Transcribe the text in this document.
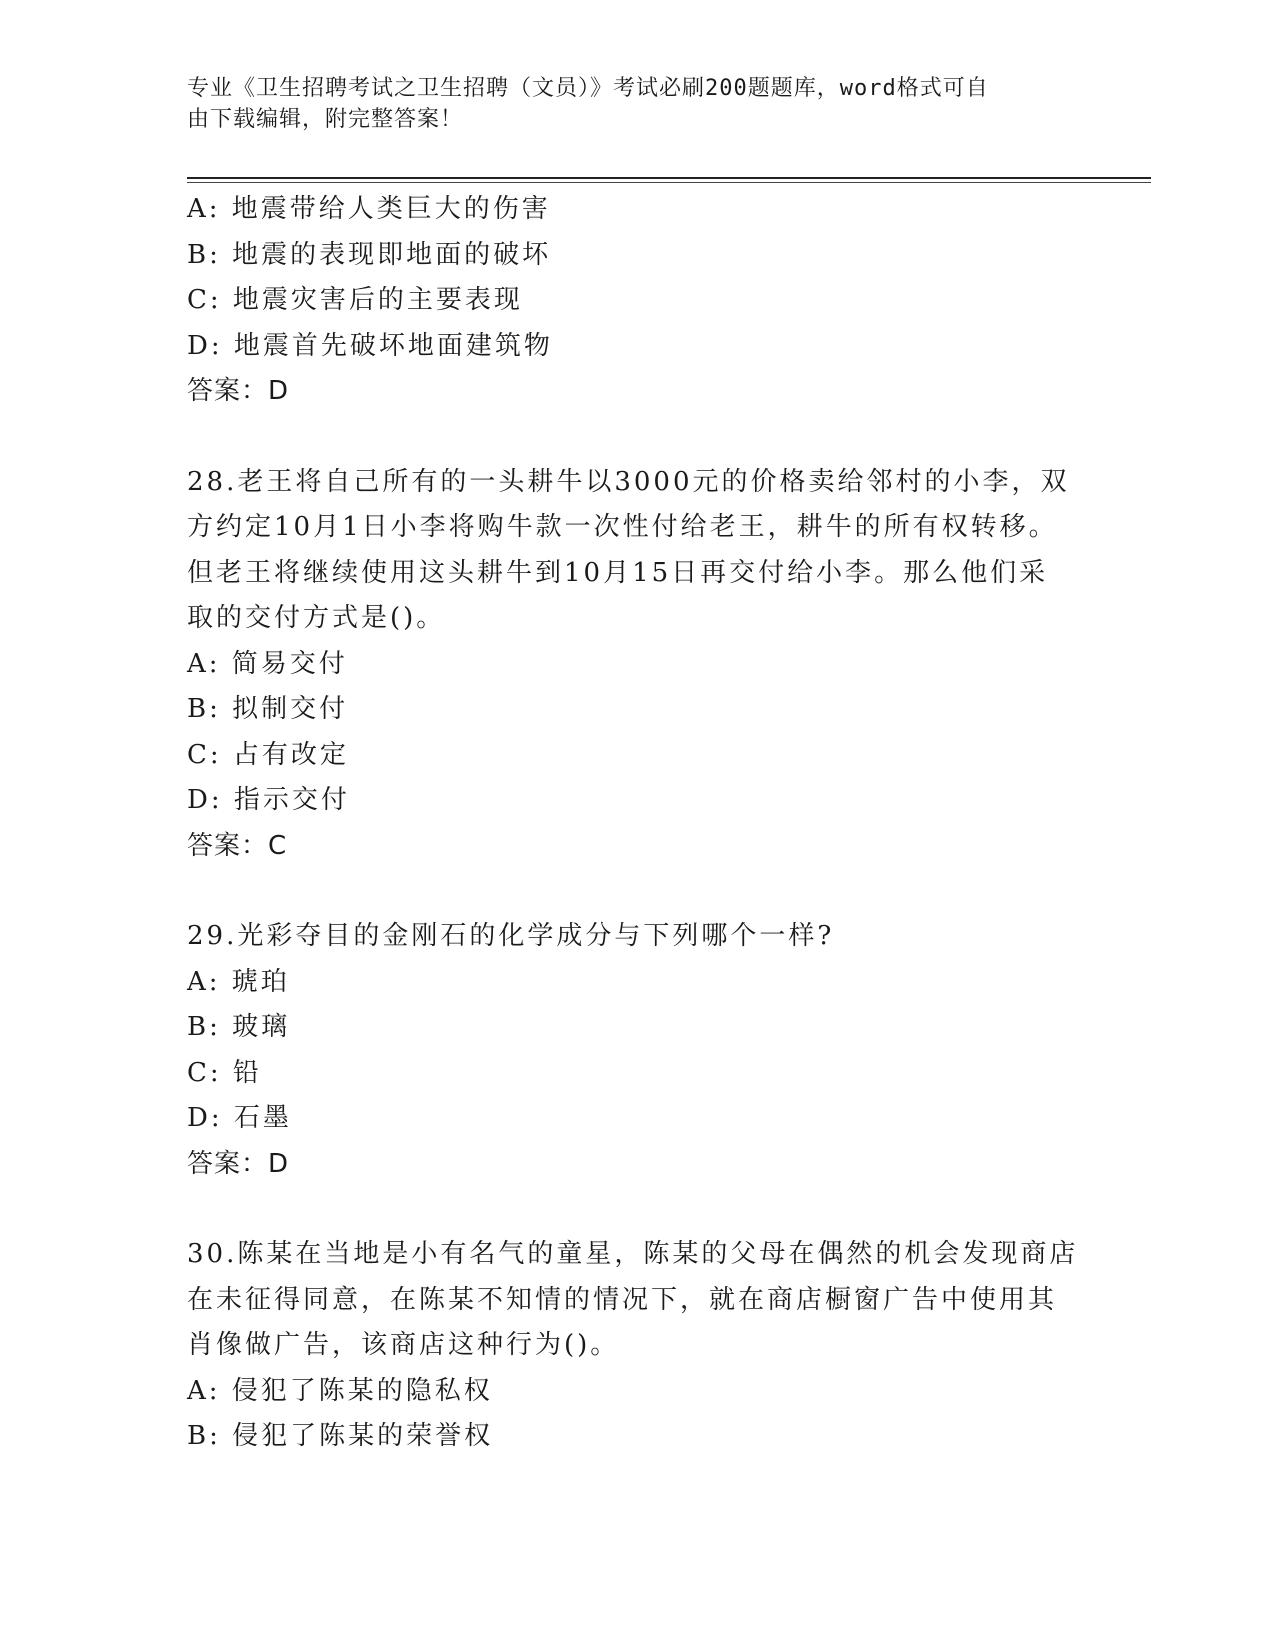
专业《卫生招聘考试之卫生招聘（文员）》考试必刷200题题库，word格式可自
由下载编辑，附完整答案！
A: 地震带给人类巨大的伤害
B: 地震的表现即地面的破坏
C: 地震灾害后的主要表现
D: 地震首先破坏地面建筑物
答案：D
28.老王将自己所有的一头耕牛以3000元的价格卖给邻村的小李，双
方约定10月1日小李将购牛款一次性付给老王，耕牛的所有权转移。
但老王将继续使用这头耕牛到10月15日再交付给小李。那么他们采
取的交付方式是()。
A: 简易交付
B: 拟制交付
C: 占有改定
D: 指示交付
答案：C
29.光彩夺目的金刚石的化学成分与下列哪个一样?
A: 琥珀
B: 玻璃
C: 铅
D: 石墨
答案：D
30.陈某在当地是小有名气的童星，陈某的父母在偶然的机会发现商店
在未征得同意，在陈某不知情的情况下，就在商店橱窗广告中使用其
肖像做广告，该商店这种行为()。
A: 侵犯了陈某的隐私权
B: 侵犯了陈某的荣誉权
